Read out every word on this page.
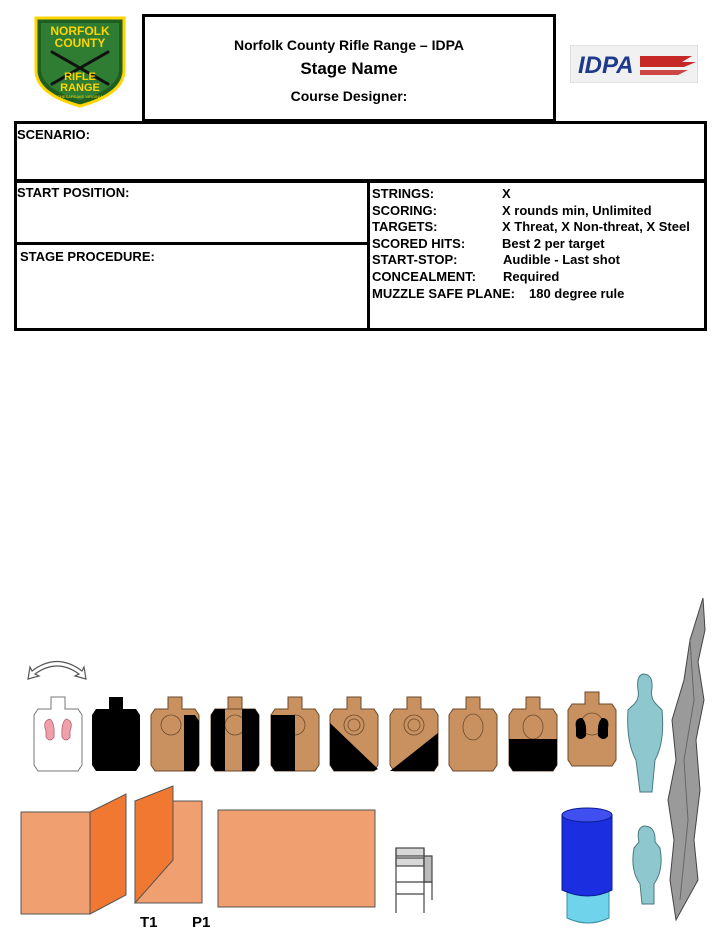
NORFOLK
COUNTY
RIFLE
RANGE
CHESAPEAKE VIRGINIA
Norfolk County Rifle Range – IDPA
Stage Name
Course Designer:
IDPA
SCENARIO:
START POSITION:
STAGE PROCEDURE:
STRINGS:	X
SCORING:	X rounds min, Unlimited
TARGETS:	X Threat, X Non-threat, X Steel
SCORED HITS:	Best 2 per target
START-STOP:	Audible - Last shot
CONCEALMENT: Required
MUZZLE SAFE PLANE: 180 degree rule
T1 P1
